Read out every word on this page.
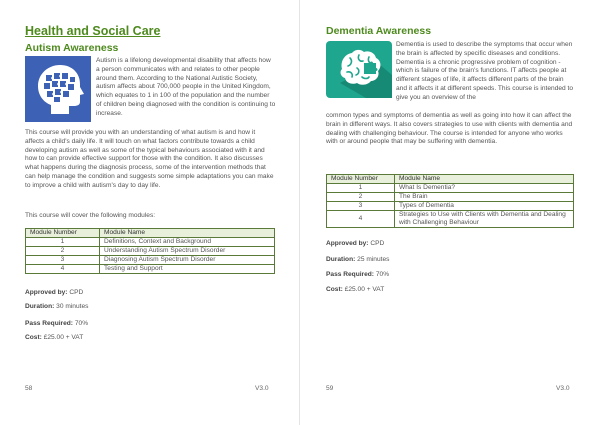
Health and Social Care
Autism Awareness
Autism is a lifelong developmental disability that affects how a person communicates with and relates to other people around them. According to the National Autistic Society, autism affects about 700,000 people in the United Kingdom, which equates to 1 in 100 of the population and the number of children being diagnosed with the condition is continuing to increase.
This course will provide you with an understanding of what autism is and how it affects a child's daily life. It will touch on what factors contribute towards a child developing autism as well as some of the typical behaviours associated with it and how to can provide effective support for those with the condition. It also discusses what happens during the diagnosis process, some of the intervention methods that can help manage the condition and suggests some simple adaptations you can make to improve a child with autism's day to day life.
This course will cover the following modules:
Module Number	Module Name
1	Definitions, Context and Background
2	Understanding Autism Spectrum Disorder
3	Diagnosing Autism Spectrum Disorder
4	Testing and Support
Approved by: CPD
Duration: 30 minutes
Pass Required: 70%
Cost: £25.00 + VAT
58	V3.0
Dementia Awareness
Dementia is used to describe the symptoms that occur when the brain is affected by specific diseases and conditions. Dementia is a chronic progressive problem of cognition - which is failure of the brain's functions. IT affects people at different stages of life, it affects different parts of the brain and it affects it at different speeds. This course is intended to give you an overview of the
common types and symptoms of dementia as well as going into how it can affect the brain in different ways. It also covers strategies to use with clients with dementia and dealing with challenging behaviour. The course is intended for anyone who works with or around people that may be suffering with dementia.
Module Number	Module Name
1	What Is Dementia?
2	The Brain
3	Types of Dementia
4	Strategies to Use with Clients with Dementia and Dealing with Challenging Behaviour
Approved by: CPD
Duration: 25 minutes
Pass Required: 70%
Cost: £25.00 + VAT
59	V3.0
